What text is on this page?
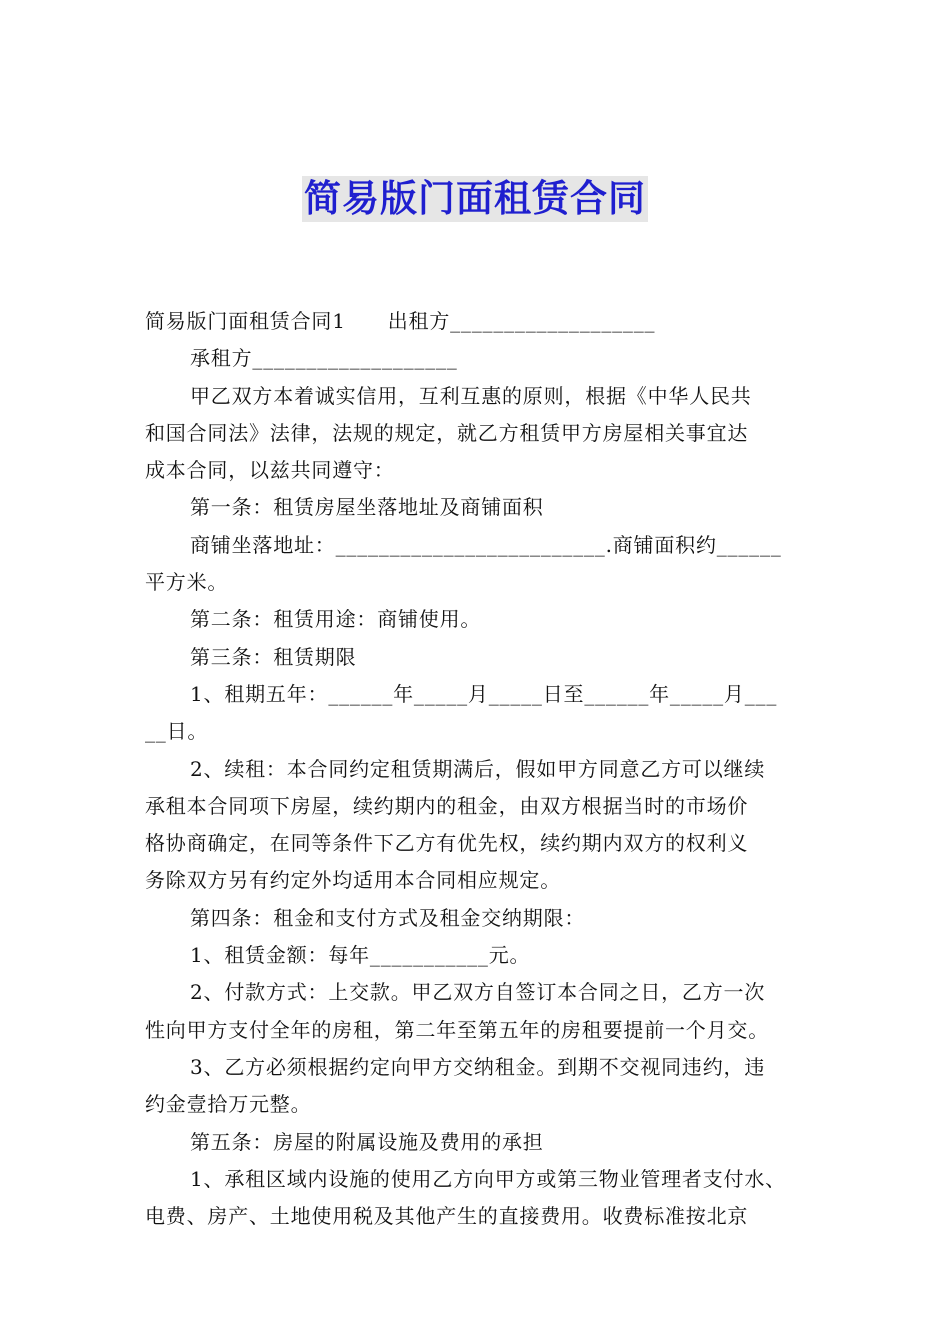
简易版门面租赁合同
简易版门面租赁合同1 出租方___________________
承租方___________________
甲乙双方本着诚实信用，互利互惠的原则，根据《中华人民共
和国合同法》法律，法规的规定，就乙方租赁甲方房屋相关事宜达
成本合同，以兹共同遵守：
第一条：租赁房屋坐落地址及商铺面积
商铺坐落地址：_________________________.商铺面积约______
平方米。
第二条：租赁用途：商铺使用。
第三条：租赁期限
1、租期五年：______年_____月_____日至______年_____月___
__日。
2、续租：本合同约定租赁期满后，假如甲方同意乙方可以继续
承租本合同项下房屋，续约期内的租金，由双方根据当时的市场价
格协商确定，在同等条件下乙方有优先权，续约期内双方的权利义
务除双方另有约定外均适用本合同相应规定。
第四条：租金和支付方式及租金交纳期限：
1、租赁金额：每年___________元。
2、付款方式：上交款。甲乙双方自签订本合同之日，乙方一次
性向甲方支付全年的房租，第二年至第五年的房租要提前一个月交。
3、乙方必须根据约定向甲方交纳租金。到期不交视同违约，违
约金壹拾万元整。
第五条：房屋的附属设施及费用的承担
1、承租区域内设施的使用乙方向甲方或第三物业管理者支付水、
电费、房产、土地使用税及其他产生的直接费用。收费标准按北京
